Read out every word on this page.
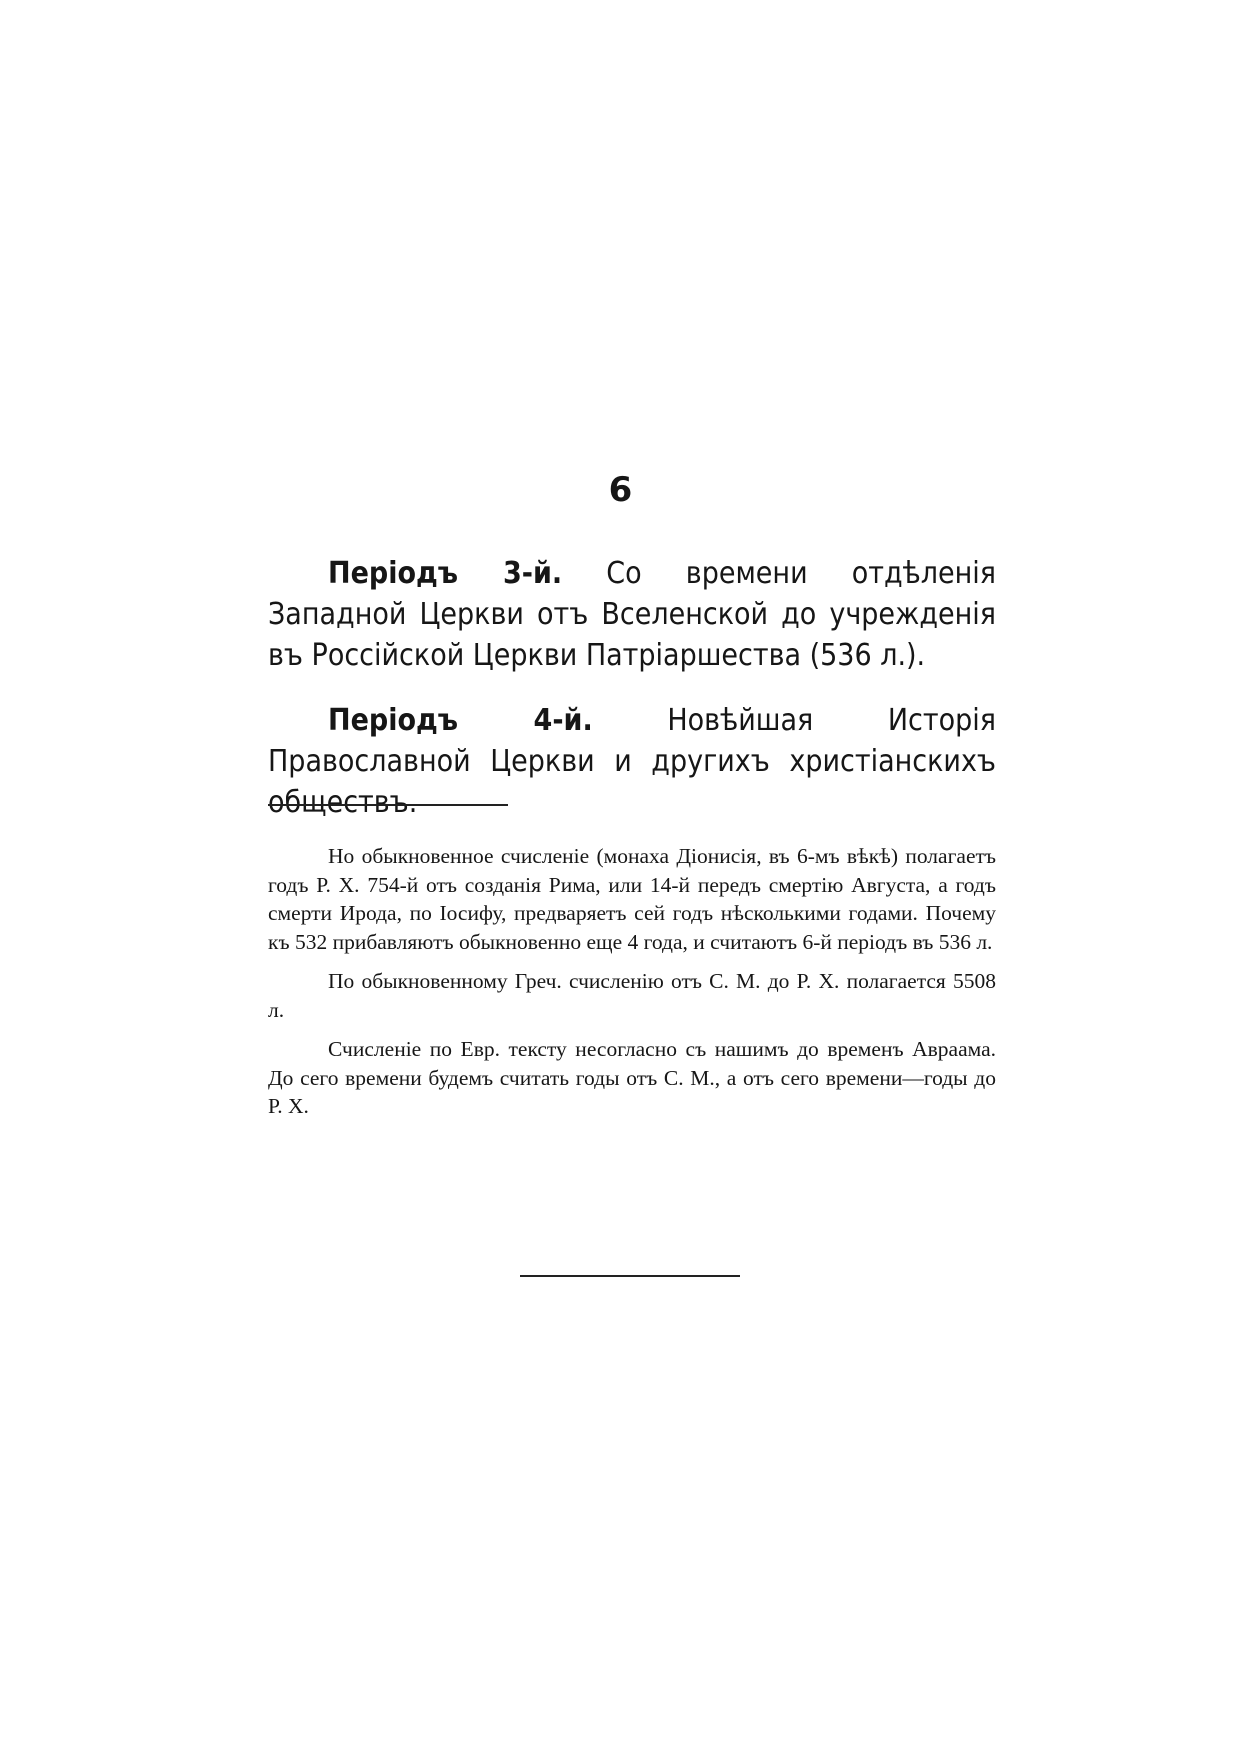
6

Періодъ 3-й. Со времени отдѣленія Западной Церкви отъ Вселенской до учрежденія въ Россійской Церкви Патріаршества (536 л.).

Періодъ 4-й. Новѣйшая Исторія Православной Церкви и другихъ христіанскихъ обществъ.

Но обыкновенное счисленіе (монаха Діонисія, въ 6-мъ вѣкѣ) полагаетъ годъ Р. X. 754-й отъ созданія Рима, или 14-й передъ смертію Августа, а годъ смерти Ирода, по Іосифу, предваряетъ сей годъ нѣсколькими годами. Почему къ 532 прибавляютъ обыкновенно еще 4 года, и считаютъ 6-й періодъ въ 536 л.

По обыкновенному Греч. счисленію отъ С. М. до Р. X. полагается 5508 л.

Счисленіе по Евр. тексту несогласно съ нашимъ до временъ Авраама. До сего времени будемъ считать годы отъ С. М., а отъ сего времени—годы до Р. X.
